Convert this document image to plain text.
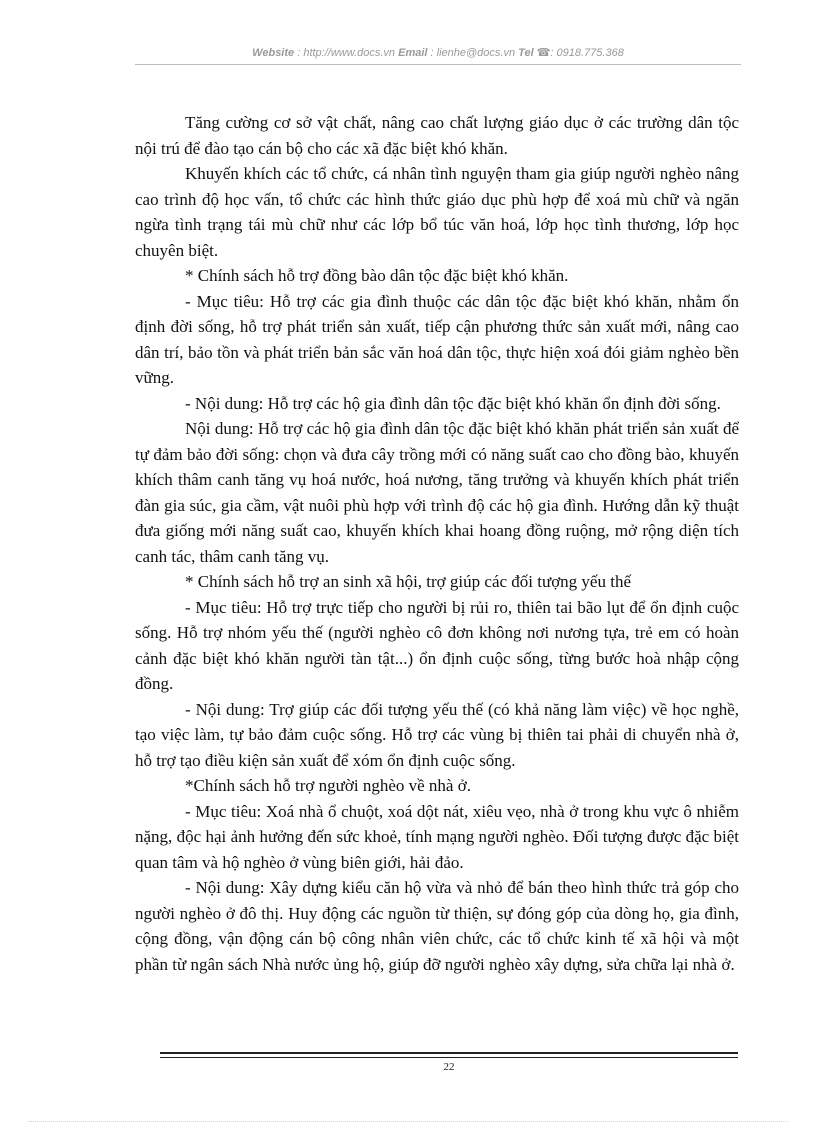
Website : http://www.docs.vn Email : lienhe@docs.vn Tel ☎: 0918.775.368

Tăng cường cơ sở vật chất, nâng cao chất lượng giáo dục ở các trường dân tộc nội trú để đào tạo cán bộ cho các xã đặc biệt khó khăn.

Khuyến khích các tổ chức, cá nhân tình nguyện tham gia giúp người nghèo nâng cao trình độ học vấn, tổ chức các hình thức giáo dục phù hợp để xoá mù chữ và ngăn ngừa tình trạng tái mù chữ như các lớp bổ túc văn hoá, lớp học tình thương, lớp học chuyên biệt.

* Chính sách hỗ trợ đồng bào dân tộc đặc biệt khó khăn.

- Mục tiêu: Hỗ trợ các gia đình thuộc các dân tộc đặc biệt khó khăn, nhằm ổn định đời sống, hỗ trợ phát triển sản xuất, tiếp cận phương thức sản xuất mới, nâng cao dân trí, bảo tồn và phát triển bản sắc văn hoá dân tộc, thực hiện xoá đói giảm nghèo bền vững.

- Nội dung: Hỗ trợ các hộ gia đình dân tộc đặc biệt khó khăn ổn định đời sống.

Nội dung: Hỗ trợ các hộ gia đình dân tộc đặc biệt khó khăn phát triển sản xuất để tự đảm bảo đời sống: chọn và đưa cây trồng mới có năng suất cao cho đồng bào, khuyến khích thâm canh tăng vụ hoá nước, hoá nương, tăng trưởng và khuyến khích phát triển đàn gia súc, gia cầm, vật nuôi phù hợp với trình độ các hộ gia đình. Hướng dẫn kỹ thuật đưa giống mới năng suất cao, khuyến khích khai hoang đồng ruộng, mở rộng diện tích canh tác, thâm canh tăng vụ.

* Chính sách hỗ trợ an sinh xã hội, trợ giúp các đối tượng yếu thế

- Mục tiêu: Hỗ trợ trực tiếp cho người bị rủi ro, thiên tai bão lụt để ổn định cuộc sống. Hỗ trợ nhóm yếu thế (người nghèo cô đơn không nơi nương tựa, trẻ em có hoàn cảnh đặc biệt khó khăn người tàn tật...) ổn định cuộc sống, từng bước hoà nhập cộng đồng.

- Nội dung: Trợ giúp các đối tượng yếu thế (có khả năng làm việc) về học nghề, tạo việc làm, tự bảo đảm cuộc sống. Hỗ trợ các vùng bị thiên tai phải di chuyển nhà ở, hỗ trợ tạo điều kiện sản xuất để xóm ổn định cuộc sống.

*Chính sách hỗ trợ người nghèo về nhà ở.

- Mục tiêu: Xoá nhà ổ chuột, xoá dột nát, xiêu vẹo, nhà ở trong khu vực ô nhiễm nặng, độc hại ảnh hưởng đến sức khoẻ, tính mạng người nghèo. Đối tượng được đặc biệt quan tâm và hộ nghèo ở vùng biên giới, hải đảo.

- Nội dung: Xây dựng kiểu căn hộ vừa và nhỏ để bán theo hình thức trả góp cho người nghèo ở đô thị. Huy động các nguồn từ thiện, sự đóng góp của dòng họ, gia đình, cộng đồng, vận động cán bộ công nhân viên chức, các tổ chức kinh tế xã hội và một phần từ ngân sách Nhà nước ủng hộ, giúp đỡ người nghèo xây dựng, sửa chữa lại nhà ở.

22
